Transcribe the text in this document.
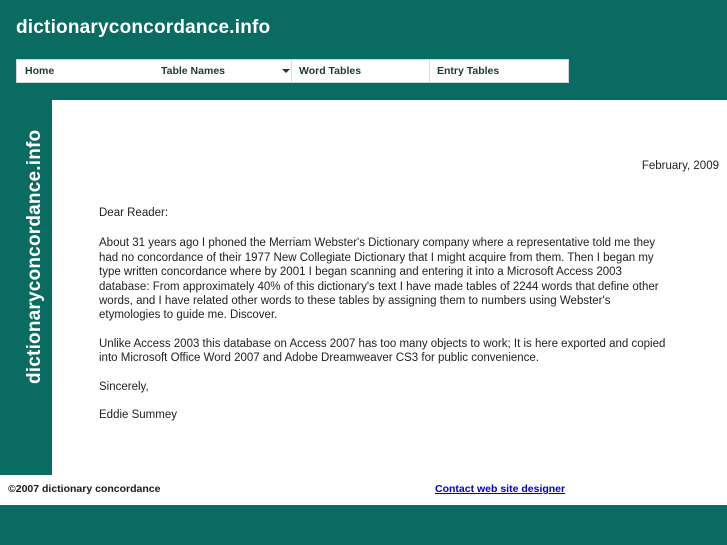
dictionaryconcordance.info
Home	Table Names	Word Tables	Entry Tables
dictionaryconcordance.info	February, 2009

Dear Reader:

About 31 years ago I phoned the Merriam Webster's Dictionary company where a representative told me they had no concordance of their 1977 New Collegiate Dictionary that I might acquire from them. Then I began my type written concordance where by 2001 I began scanning and entering it into a Microsoft Access 2003 database: From approximately 40% of this dictionary's text I have made tables of 2244 words that define other words, and I have related other words to these tables by assigning them to numbers using Webster's etymologies to guide me. Discover.

Unlike Access 2003 this database on Access 2007 has too many objects to work; It is here exported and copied into Microsoft Office Word 2007 and Adobe Dreamweaver CS3 for public convenience.

Sincerely,

Eddie Summey

©2007 dictionary concordance	Contact web site designer
